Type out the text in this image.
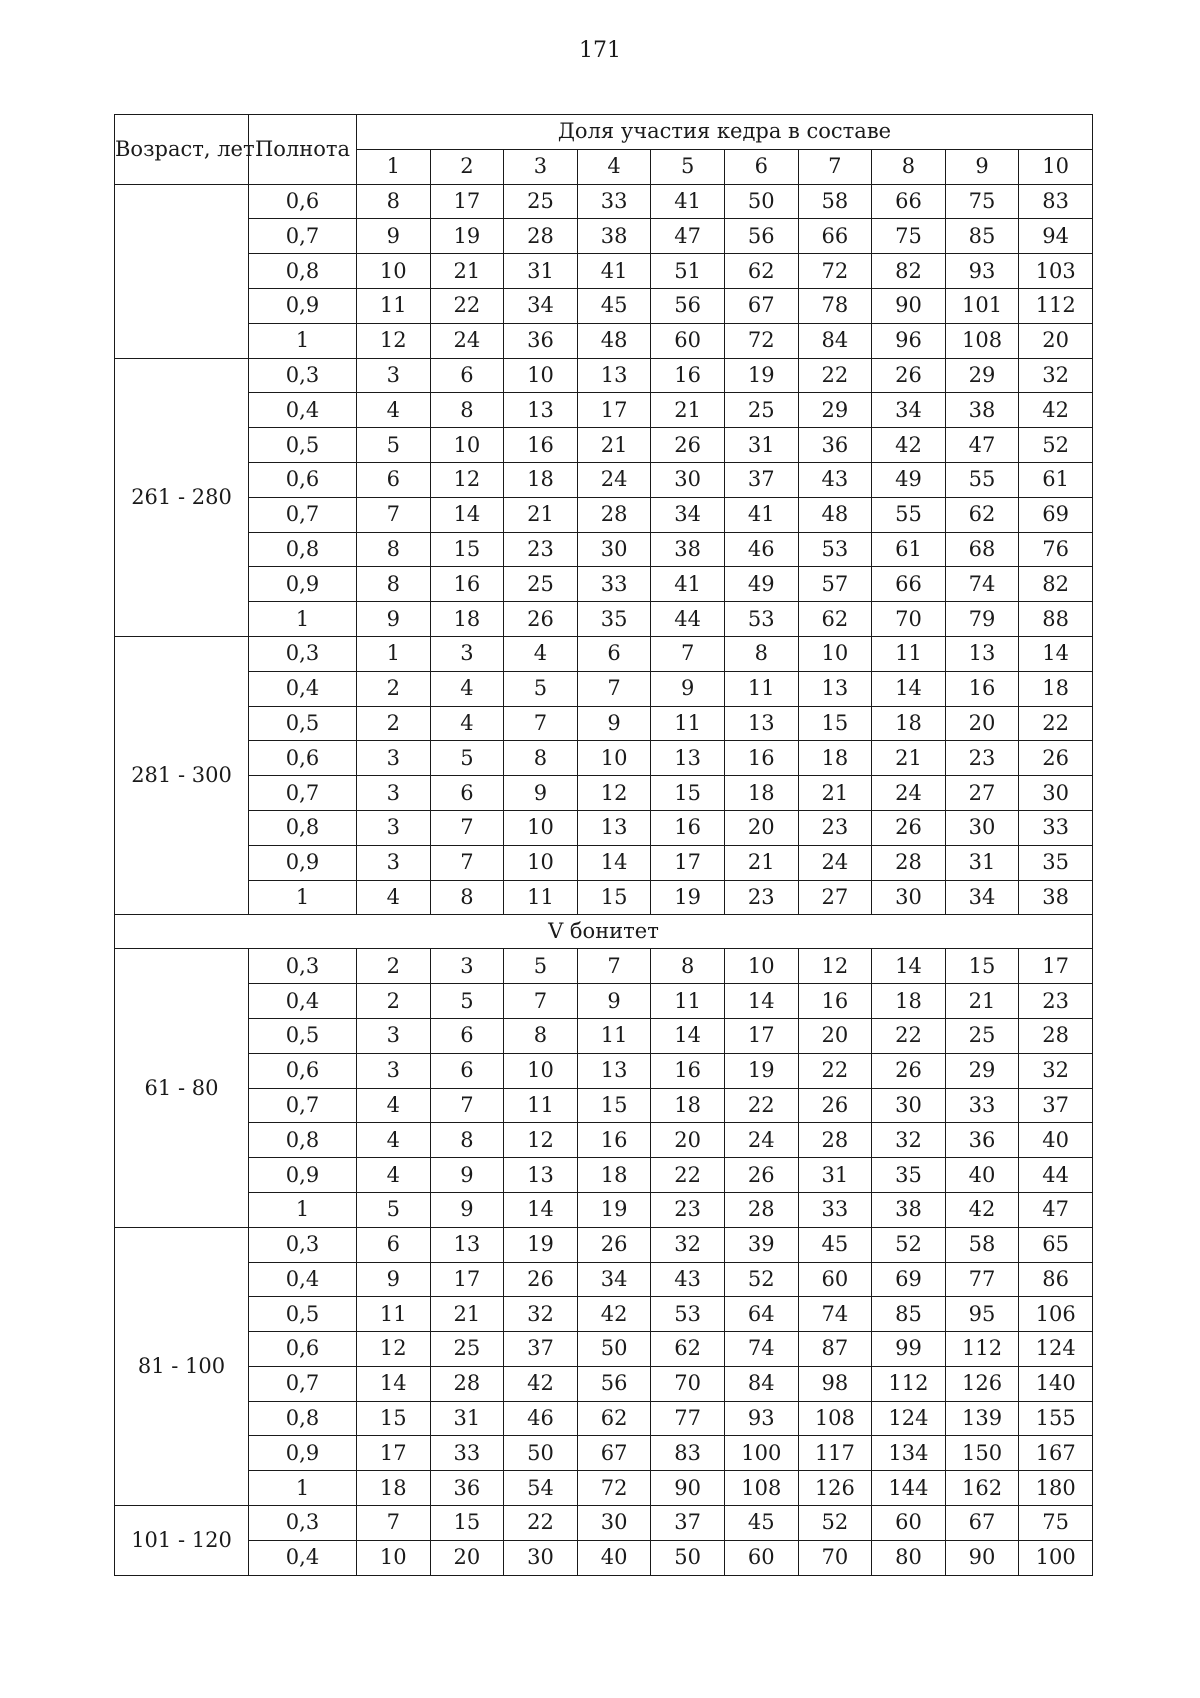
171
Возраст, лет	Полнота	Доля участия кедра в составе									
		1	2	3	4	5	6	7	8	9	10
	0,6	8	17	25	33	41	50	58	66	75	83
	0,7	9	19	28	38	47	56	66	75	85	94
	0,8	10	21	31	41	51	62	72	82	93	103
	0,9	11	22	34	45	56	67	78	90	101	112
	1	12	24	36	48	60	72	84	96	108	20
261 - 280	0,3	3	6	10	13	16	19	22	26	29	32
	0,4	4	8	13	17	21	25	29	34	38	42
	0,5	5	10	16	21	26	31	36	42	47	52
	0,6	6	12	18	24	30	37	43	49	55	61
	0,7	7	14	21	28	34	41	48	55	62	69
	0,8	8	15	23	30	38	46	53	61	68	76
	0,9	8	16	25	33	41	49	57	66	74	82
	1	9	18	26	35	44	53	62	70	79	88
281 - 300	0,3	1	3	4	6	7	8	10	11	13	14
	0,4	2	4	5	7	9	11	13	14	16	18
	0,5	2	4	7	9	11	13	15	18	20	22
	0,6	3	5	8	10	13	16	18	21	23	26
	0,7	3	6	9	12	15	18	21	24	27	30
	0,8	3	7	10	13	16	20	23	26	30	33
	0,9	3	7	10	14	17	21	24	28	31	35
	1	4	8	11	15	19	23	27	30	34	38
V бонитет											
61 - 80	0,3	2	3	5	7	8	10	12	14	15	17
	0,4	2	5	7	9	11	14	16	18	21	23
	0,5	3	6	8	11	14	17	20	22	25	28
	0,6	3	6	10	13	16	19	22	26	29	32
	0,7	4	7	11	15	18	22	26	30	33	37
	0,8	4	8	12	16	20	24	28	32	36	40
	0,9	4	9	13	18	22	26	31	35	40	44
	1	5	9	14	19	23	28	33	38	42	47
81 - 100	0,3	6	13	19	26	32	39	45	52	58	65
	0,4	9	17	26	34	43	52	60	69	77	86
	0,5	11	21	32	42	53	64	74	85	95	106
	0,6	12	25	37	50	62	74	87	99	112	124
	0,7	14	28	42	56	70	84	98	112	126	140
	0,8	15	31	46	62	77	93	108	124	139	155
	0,9	17	33	50	67	83	100	117	134	150	167
	1	18	36	54	72	90	108	126	144	162	180
101 - 120	0,3	7	15	22	30	37	45	52	60	67	75
	0,4	10	20	30	40	50	60	70	80	90	100
